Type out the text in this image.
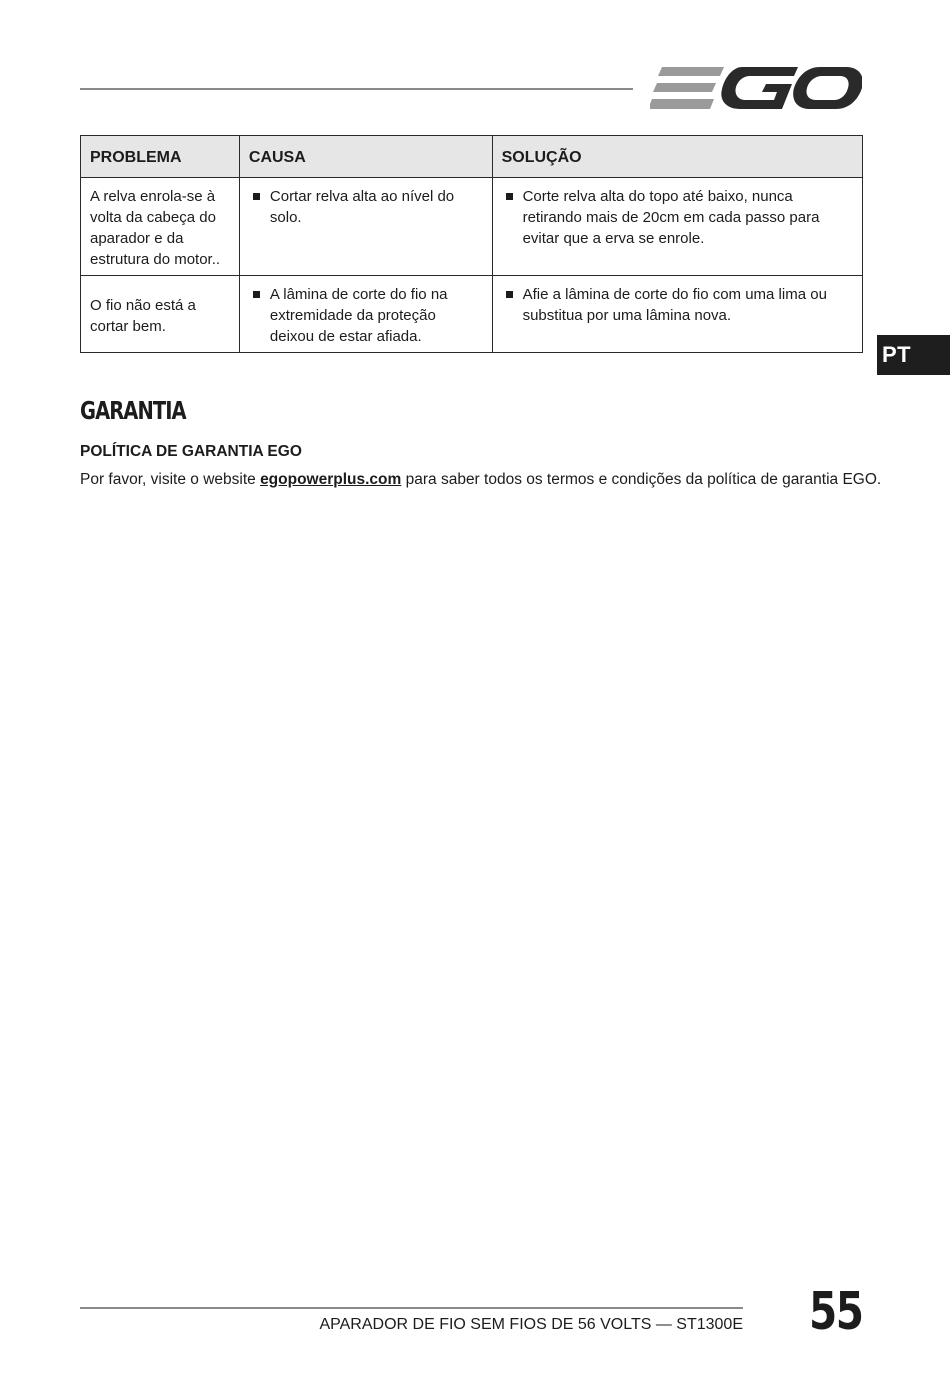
PT
PROBLEMA	CAUSA	SOLUÇÃO
A relva enrola-se à volta da cabeça do aparador e da estrutura do motor..	Cortar relva alta ao nível do solo.	Corte relva alta do topo até baixo, nunca retirando mais de 20cm em cada passo para evitar que a erva se enrole.

O fio não está a cortar bem.	A lâmina de corte do fio na extremidade da proteção deixou de estar afiada.	Afie a lâmina de corte do fio com uma lima ou substitua por uma lâmina nova.
GARANTIA
POLÍTICA DE GARANTIA EGO

Por favor, visite o website egopowerplus.com para saber todos os termos e condições da política de garantia EGO.

APARADOR DE FIO SEM FIOS DE 56 VOLTS — ST1300E 55
